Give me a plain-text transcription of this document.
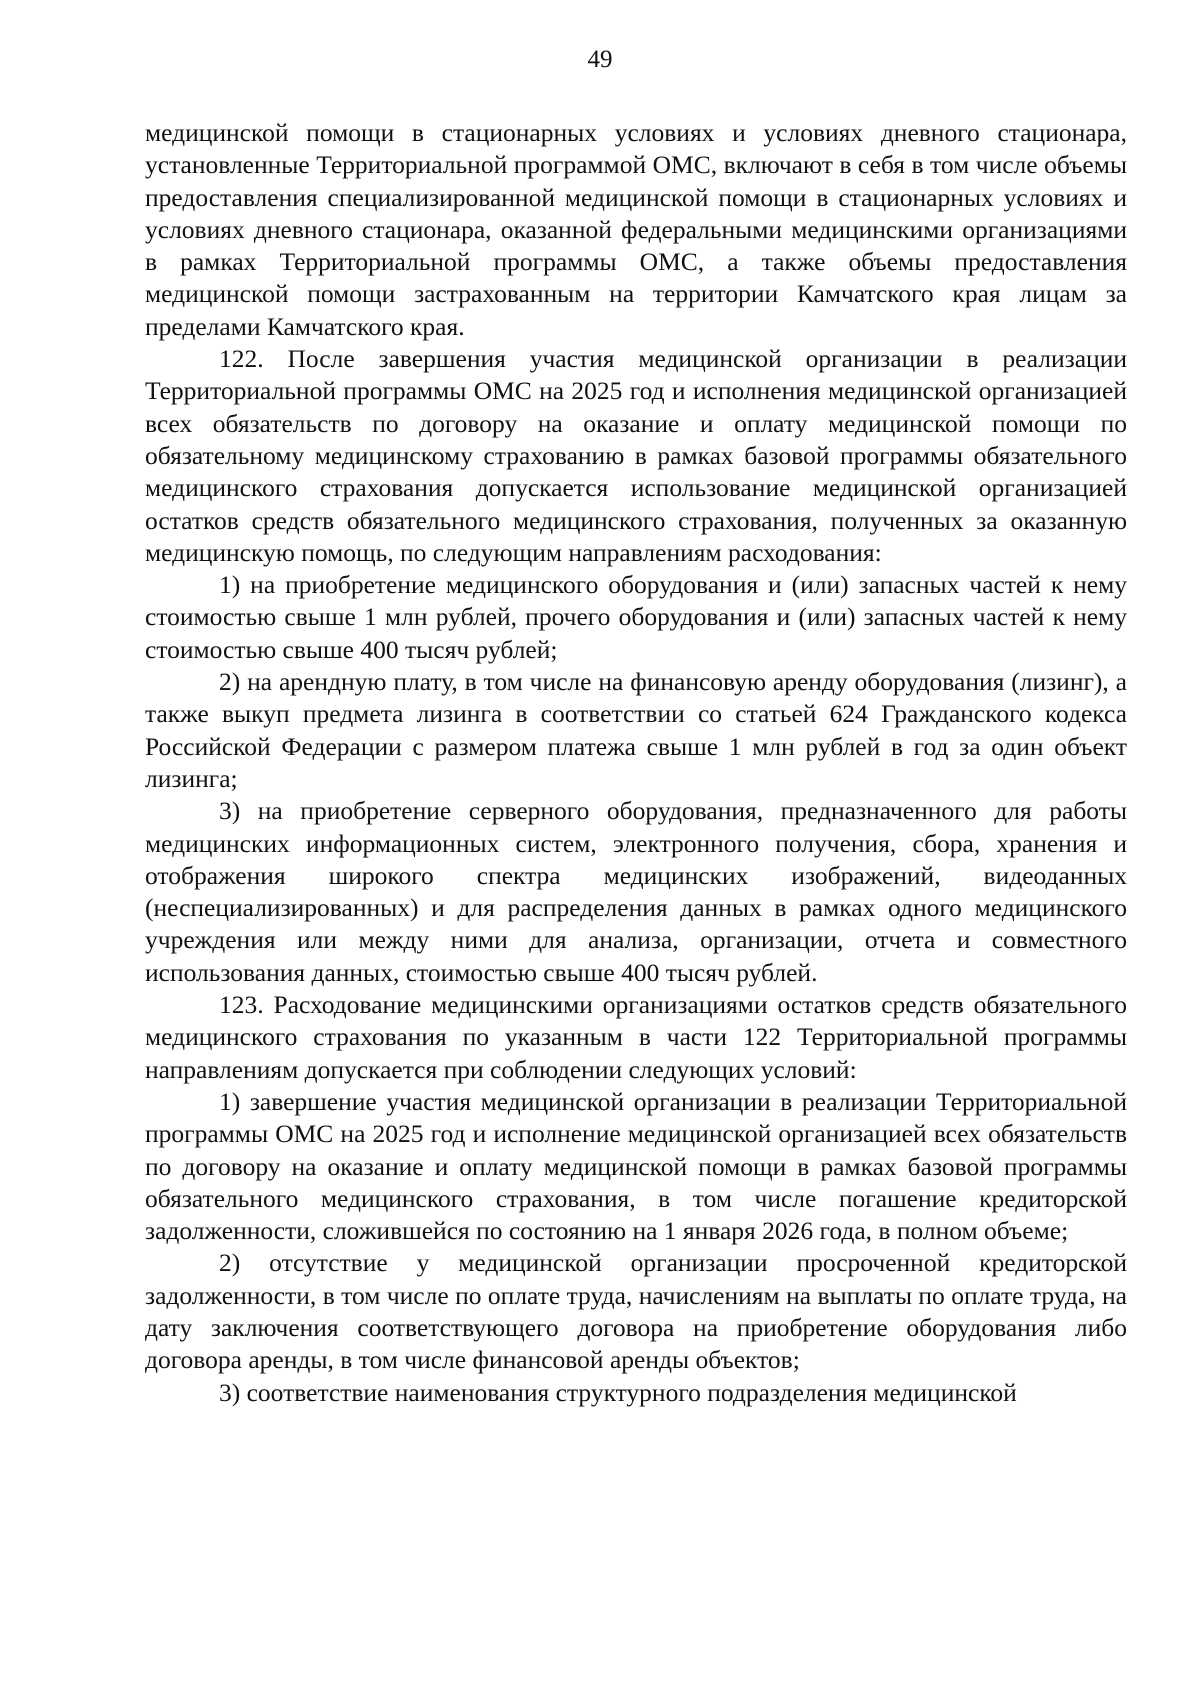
49

медицинской помощи в стационарных условиях и условиях дневного стационара, установленные Территориальной программой ОМС, включают в себя в том числе объемы предоставления специализированной медицинской помощи в стационарных условиях и условиях дневного стационара, оказанной федеральными медицинскими организациями в рамках Территориальной программы ОМС, а также объемы предоставления медицинской помощи застрахованным на территории Камчатского края лицам за пределами Камчатского края.

122. После завершения участия медицинской организации в реализации Территориальной программы ОМС на 2025 год и исполнения медицинской организацией всех обязательств по договору на оказание и оплату медицинской помощи по обязательному медицинскому страхованию в рамках базовой программы обязательного медицинского страхования допускается использование медицинской организацией остатков средств обязательного медицинского страхования, полученных за оказанную медицинскую помощь, по следующим направлениям расходования:

1) на приобретение медицинского оборудования и (или) запасных частей к нему стоимостью свыше 1 млн рублей, прочего оборудования и (или) запасных частей к нему стоимостью свыше 400 тысяч рублей;

2) на арендную плату, в том числе на финансовую аренду оборудования (лизинг), а также выкуп предмета лизинга в соответствии со статьей 624 Гражданского кодекса Российской Федерации с размером платежа свыше 1 млн рублей в год за один объект лизинга;

3) на приобретение серверного оборудования, предназначенного для работы медицинских информационных систем, электронного получения, сбора, хранения и отображения широкого спектра медицинских изображений, видеоданных (неспециализированных) и для распределения данных в рамках одного медицинского учреждения или между ними для анализа, организации, отчета и совместного использования данных, стоимостью свыше 400 тысяч рублей.

123. Расходование медицинскими организациями остатков средств обязательного медицинского страхования по указанным в части 122 Территориальной программы направлениям допускается при соблюдении следующих условий:

1) завершение участия медицинской организации в реализации Территориальной программы ОМС на 2025 год и исполнение медицинской организацией всех обязательств по договору на оказание и оплату медицинской помощи в рамках базовой программы обязательного медицинского страхования, в том числе погашение кредиторской задолженности, сложившейся по состоянию на 1 января 2026 года, в полном объеме;

2) отсутствие у медицинской организации просроченной кредиторской задолженности, в том числе по оплате труда, начислениям на выплаты по оплате труда, на дату заключения соответствующего договора на приобретение оборудования либо договора аренды, в том числе финансовой аренды объектов;

3) соответствие наименования структурного подразделения медицинской
